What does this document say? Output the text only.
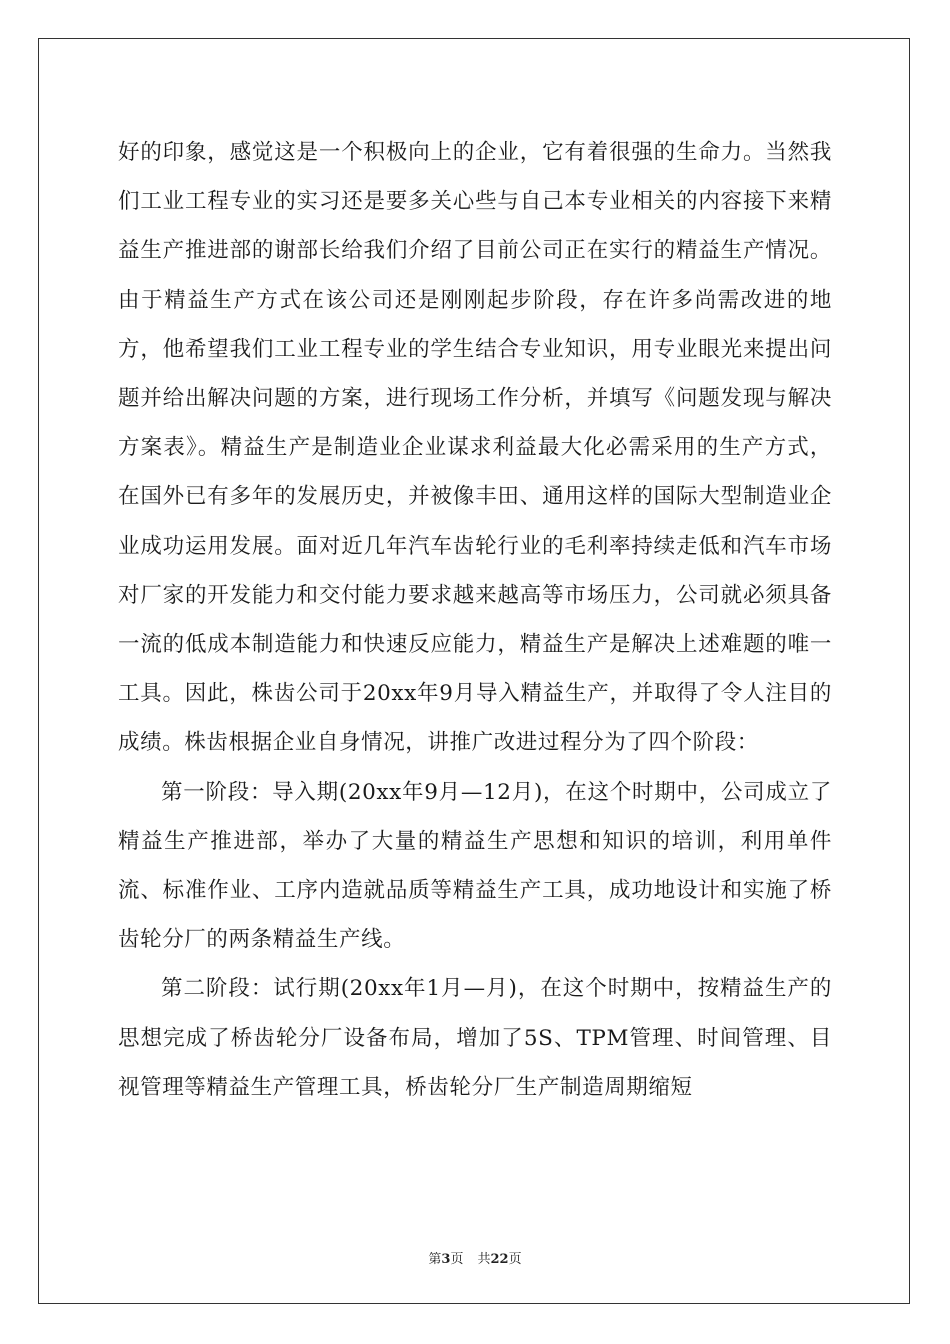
好的印象，感觉这是一个积极向上的企业，它有着很强的生命力。当然我们工业工程专业的实习还是要多关心些与自己本专业相关的内容接下来精益生产推进部的谢部长给我们介绍了目前公司正在实行的精益生产情况。由于精益生产方式在该公司还是刚刚起步阶段，存在许多尚需改进的地方，他希望我们工业工程专业的学生结合专业知识，用专业眼光来提出问题并给出解决问题的方案，进行现场工作分析，并填写《问题发现与解决方案表》。精益生产是制造业企业谋求利益最大化必需采用的生产方式，在国外已有多年的发展历史，并被像丰田、通用这样的国际大型制造业企业成功运用发展。面对近几年汽车齿轮行业的毛利率持续走低和汽车市场对厂家的开发能力和交付能力要求越来越高等市场压力，公司就必须具备一流的低成本制造能力和快速反应能力，精益生产是解决上述难题的唯一工具。因此，株齿公司于20xx年9月导入精益生产，并取得了令人注目的成绩。株齿根据企业自身情况，讲推广改进过程分为了四个阶段：

第一阶段：导入期(20xx年9月—12月)，在这个时期中，公司成立了精益生产推进部，举办了大量的精益生产思想和知识的培训，利用单件流、标准作业、工序内造就品质等精益生产工具，成功地设计和实施了桥齿轮分厂的两条精益生产线。

第二阶段：试行期(20xx年1月—月)，在这个时期中，按精益生产的思想完成了桥齿轮分厂设备布局，增加了5S、TPM管理、时间管理、目视管理等精益生产管理工具，桥齿轮分厂生产制造周期缩短

第3页 共22页
